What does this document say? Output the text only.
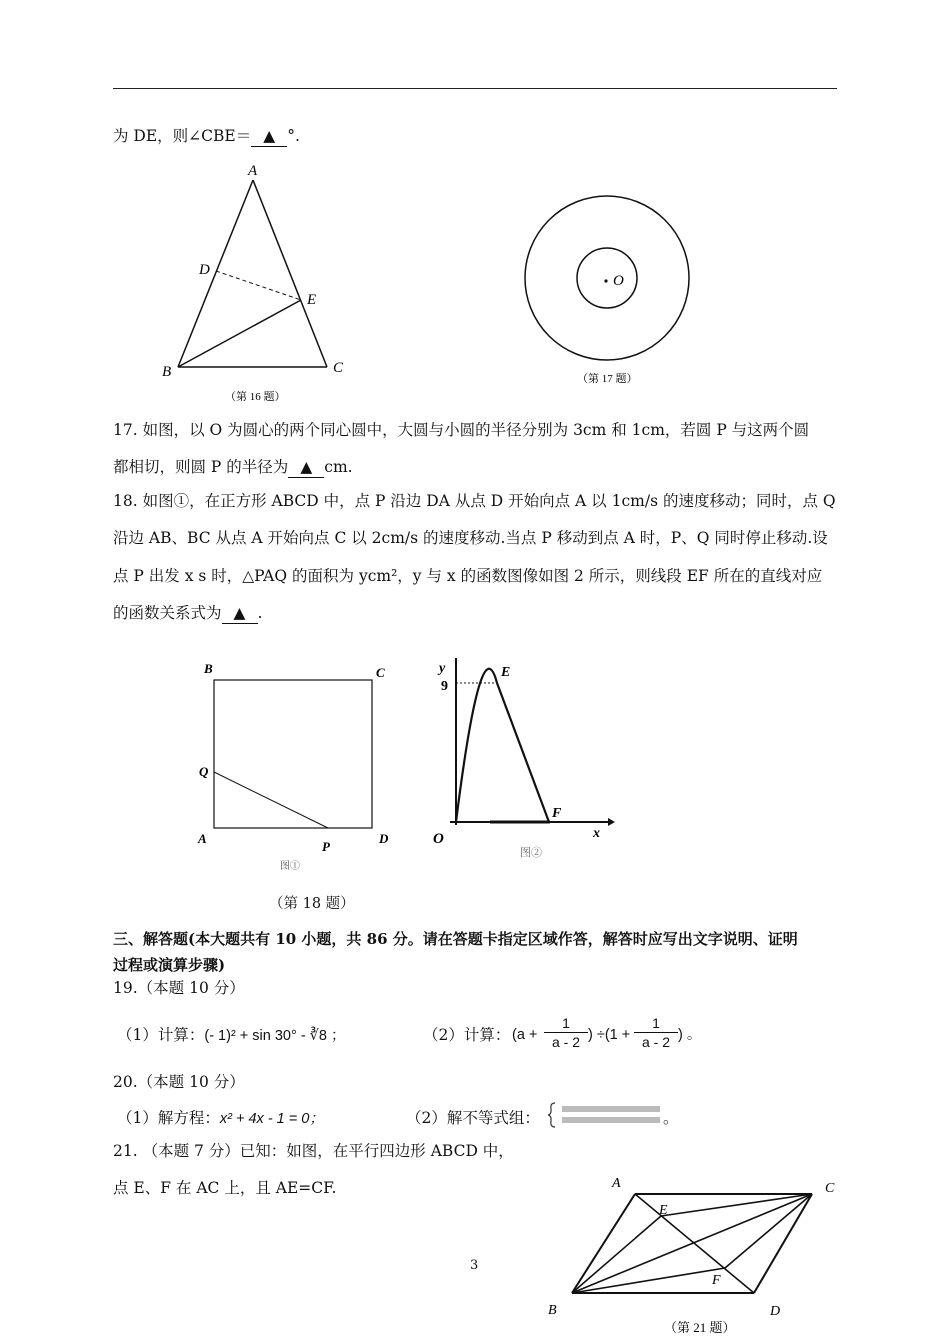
为 DE，则∠CBE＝ ▲ °.
A
B	C
D
E
（第 16 题）
O
（第 17 题）
17. 如图，以 O 为圆心的两个同心圆中，大圆与小圆的半径分别为 3cm 和 1cm，若圆 P 与这两个圆
都相切，则圆 P 的半径为 ▲ cm.
18. 如图①，在正方形 ABCD 中，点 P 沿边 DA 从点 D 开始向点 A 以 1cm/s 的速度移动；同时，点 Q
沿边 AB、BC 从点 A 开始向点 C 以 2cm/s 的速度移动.当点 P 移动到点 A 时，P、Q 同时停止移动.设
点 P 出发 x s 时，△PAQ 的面积为 ycm²，y 与 x 的函数图像如图 2 所示，则线段 EF 所在的直线对应
的函数关系式为 ▲ .
B	C
Q
A	D
P
图①
y
9
E
F
O	x
图②
（第 18 题）
三、解答题(本大题共有 10 小题，共 86 分。请在答题卡指定区域作答，解答时应写出文字说明、证明
过程或演算步骤)
19.（本题 10 分）
（1）计算：(- 1)² + sin 30° - ∛8 ；	（2）计算： (a +
1
a - 2 ) ÷(1 +
1
a - 2 ) 。
20.（本题 10 分）
（1）解方程：x² + 4x - 1 = 0；	（2）解不等式组：	。
21. （本题 7 分）已知：如图，在平行四边形 ABCD 中，
点 E、F 在 AC 上，且 AE=CF.	A	C
E
F
B	D
（第 21 题）
3
